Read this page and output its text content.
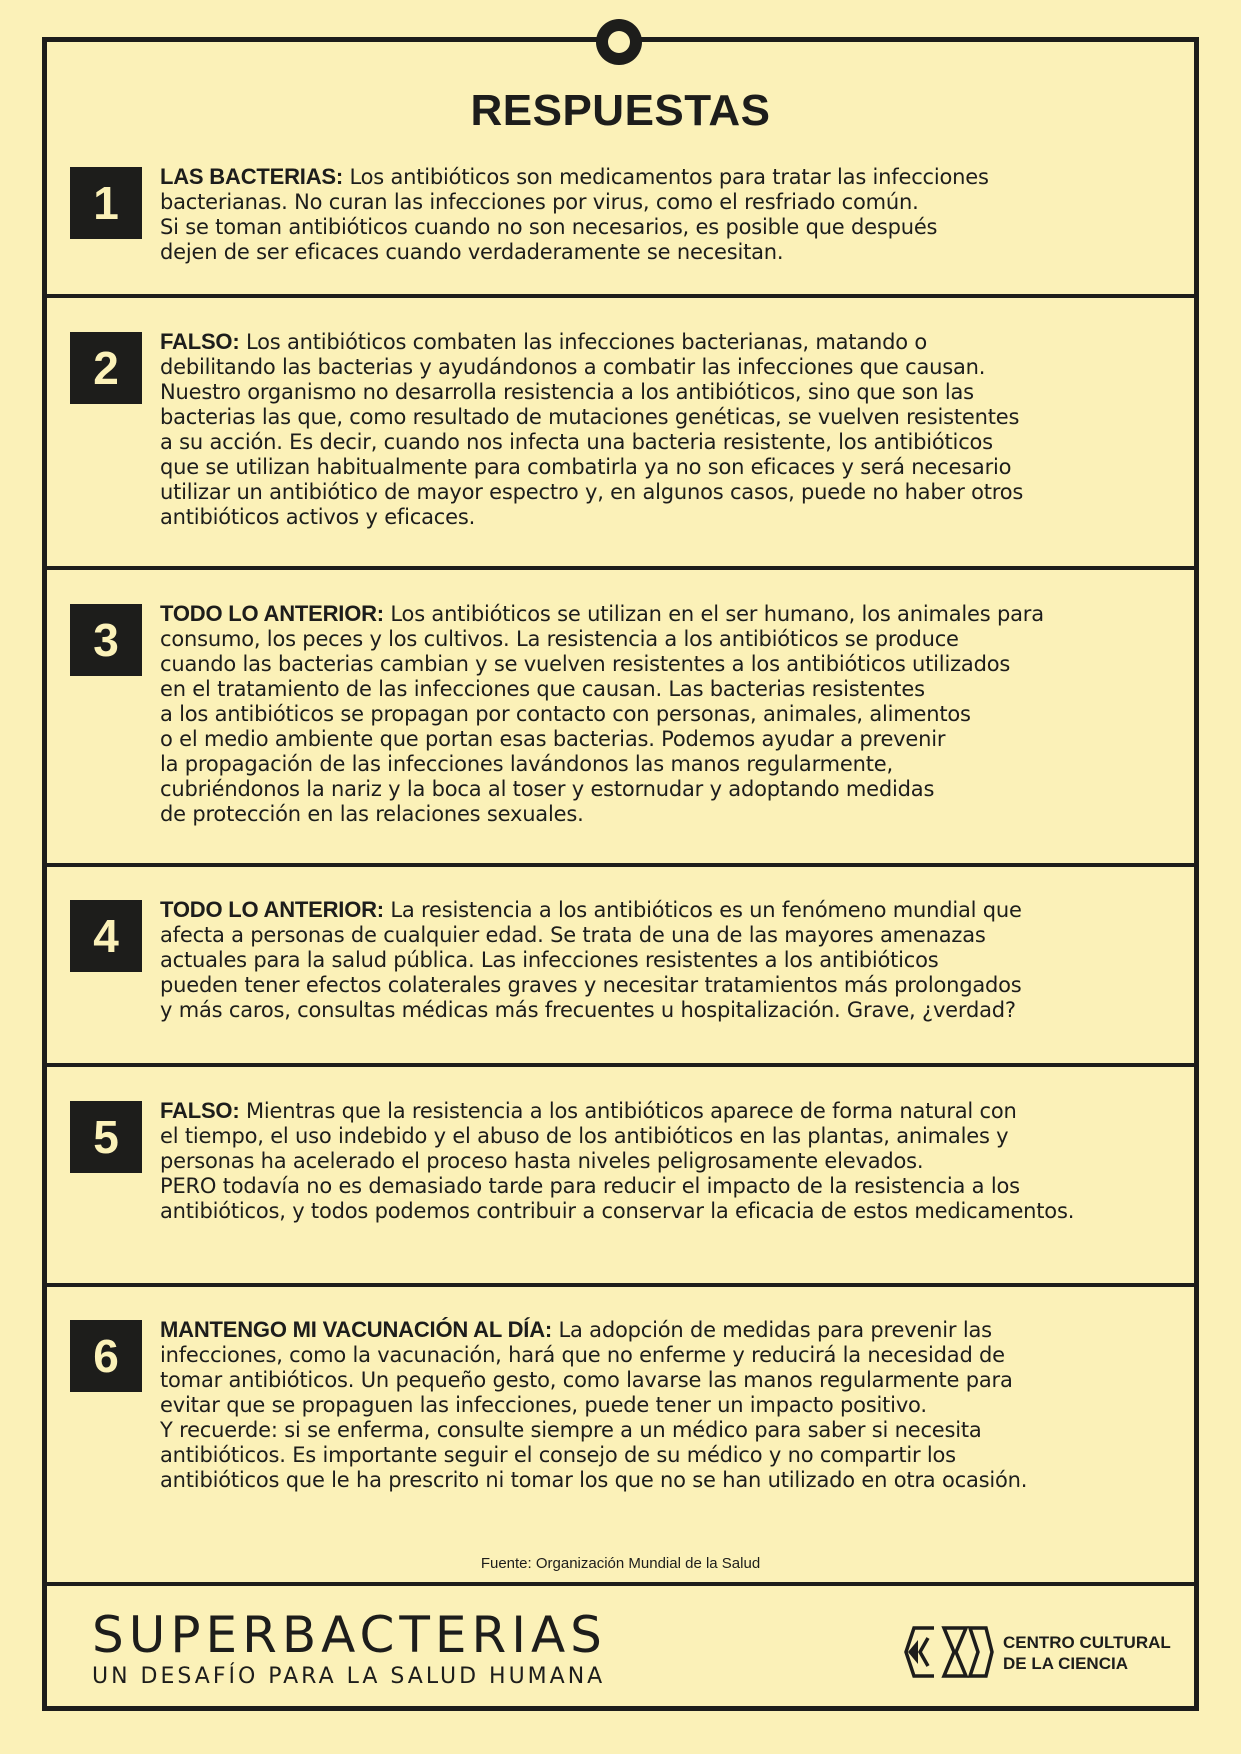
RESPUESTAS
1

LAS BACTERIAS: Los antibióticos son medicamentos para tratar las infecciones
bacterianas. No curan las infecciones por virus, como el resfriado común.
Si se toman antibióticos cuando no son necesarios, es posible que después
dejen de ser eficaces cuando verdaderamente se necesitan.

2

FALSO: Los antibióticos combaten las infecciones bacterianas, matando o
debilitando las bacterias y ayudándonos a combatir las infecciones que causan.
Nuestro organismo no desarrolla resistencia a los antibióticos, sino que son las
bacterias las que, como resultado de mutaciones genéticas, se vuelven resistentes
a su acción. Es decir, cuando nos infecta una bacteria resistente, los antibióticos
que se utilizan habitualmente para combatirla ya no son eficaces y será necesario
utilizar un antibiótico de mayor espectro y, en algunos casos, puede no haber otros
antibióticos activos y eficaces.

3

TODO LO ANTERIOR: Los antibióticos se utilizan en el ser humano, los animales para
consumo, los peces y los cultivos. La resistencia a los antibióticos se produce
cuando las bacterias cambian y se vuelven resistentes a los antibióticos utilizados
en el tratamiento de las infecciones que causan. Las bacterias resistentes
a los antibióticos se propagan por contacto con personas, animales, alimentos
o el medio ambiente que portan esas bacterias. Podemos ayudar a prevenir
la propagación de las infecciones lavándonos las manos regularmente,
cubriéndonos la nariz y la boca al toser y estornudar y adoptando medidas
de protección en las relaciones sexuales.

4

TODO LO ANTERIOR: La resistencia a los antibióticos es un fenómeno mundial que
afecta a personas de cualquier edad. Se trata de una de las mayores amenazas
actuales para la salud pública. Las infecciones resistentes a los antibióticos
pueden tener efectos colaterales graves y necesitar tratamientos más prolongados
y más caros, consultas médicas más frecuentes u hospitalización. Grave, ¿verdad?

5

FALSO: Mientras que la resistencia a los antibióticos aparece de forma natural con
el tiempo, el uso indebido y el abuso de los antibióticos en las plantas, animales y
personas ha acelerado el proceso hasta niveles peligrosamente elevados.
PERO todavía no es demasiado tarde para reducir el impacto de la resistencia a los
antibióticos, y todos podemos contribuir a conservar la eficacia de estos medicamentos.

6

MANTENGO MI VACUNACIÓN AL DÍA: La adopción de medidas para prevenir las
infecciones, como la vacunación, hará que no enferme y reducirá la necesidad de
tomar antibióticos. Un pequeño gesto, como lavarse las manos regularmente para
evitar que se propaguen las infecciones, puede tener un impacto positivo.
Y recuerde: si se enferma, consulte siempre a un médico para saber si necesita
antibióticos. Es importante seguir el consejo de su médico y no compartir los
antibióticos que le ha prescrito ni tomar los que no se han utilizado en otra ocasión.

Fuente: Organización Mundial de la Salud
SUPERBACTERIAS
UN DESAFÍO PARA LA SALUD HUMANA
CENTRO CULTURAL
DE LA CIENCIA
